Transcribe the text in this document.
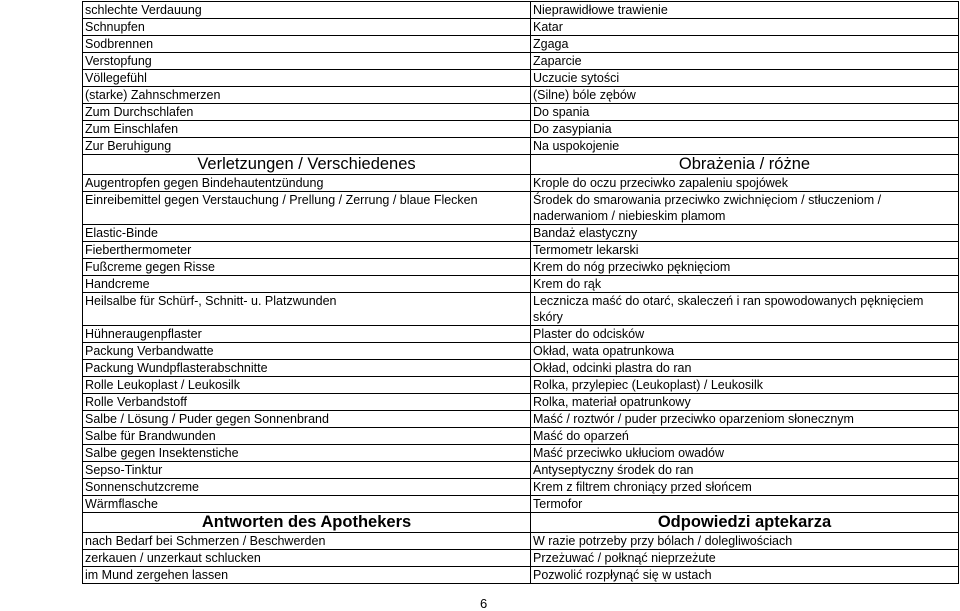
schlechte Verdauung	Nieprawidłowe trawienie
Schnupfen	Katar
Sodbrennen	Zgaga
Verstopfung	Zaparcie
Völlegefühl	Uczucie sytości
(starke) Zahnschmerzen	(Silne) bóle zębów
Zum Durchschlafen	Do spania
Zum Einschlafen	Do zasypiania
Zur Beruhigung	Na uspokojenie
Verletzungen / Verschiedenes	Obrażenia / różne
Augentropfen gegen Bindehautentzündung	Krople do oczu przeciwko zapaleniu spojówek
Einreibemittel gegen Verstauchung / Prellung / Zerrung / blaue Flecken	Środek do smarowania przeciwko zwichnięciom / stłuczeniom / naderwaniom / niebieskim plamom
Elastic-Binde	Bandaż elastyczny
Fieberthermometer	Termometr lekarski
Fußcreme gegen Risse	Krem do nóg przeciwko pęknięciom
Handcreme	Krem do rąk
Heilsalbe für Schürf-, Schnitt- u. Platzwunden	Lecznicza maść do otarć, skaleczeń i ran spowodowanych pęknięciem skóry
Hühneraugenpflaster	Plaster do odcisków
Packung Verbandwatte	Okład, wata opatrunkowa
Packung Wundpflasterabschnitte	Okład, odcinki plastra do ran
Rolle Leukoplast / Leukosilk	Rolka, przylepiec (Leukoplast) / Leukosilk
Rolle Verbandstoff	Rolka, materiał opatrunkowy
Salbe / Lösung / Puder gegen Sonnenbrand	Maść / roztwór / puder przeciwko oparzeniom słonecznym
Salbe für Brandwunden	Maść do oparzeń
Salbe gegen Insektenstiche	Maść przeciwko ukłuciom owadów
Sepso-Tinktur	Antyseptyczny środek do ran
Sonnenschutzcreme	Krem z filtrem chroniący przed słońcem
Wärmflasche	Termofor
Antworten des Apothekers	Odpowiedzi aptekarza
nach Bedarf bei Schmerzen / Beschwerden	W razie potrzeby przy bólach / dolegliwościach
zerkauen / unzerkaut schlucken	Przeżuwać / połknąć nieprzeżute
im Mund zergehen lassen	Pozwolić rozpłynąć się w ustach
6
